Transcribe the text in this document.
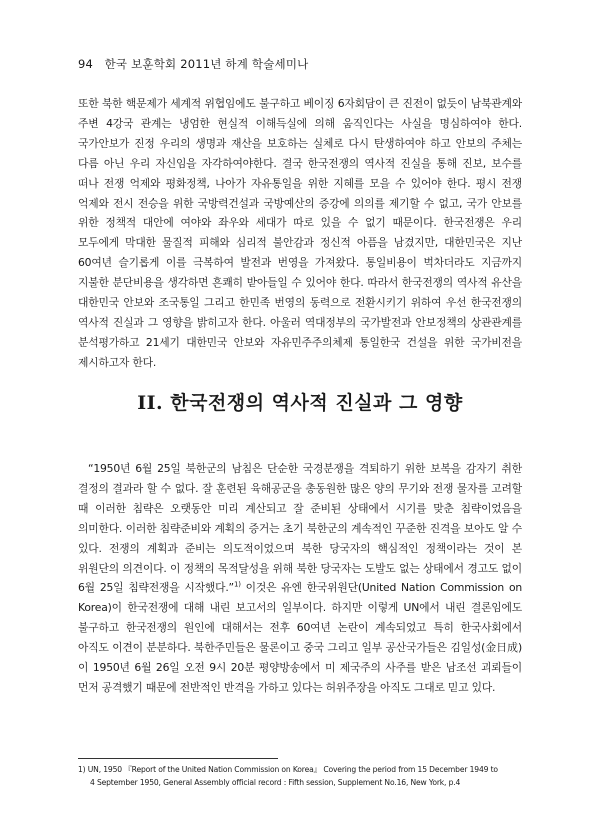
94 한국 보훈학회 2011년 하계 학술세미나
또한 북한 핵문제가 세계적 위협임에도 불구하고 베이징 6자회담이 큰 진전이 없듯이 남북관계와 주변 4강국 관계는 냉엄한 현실적 이해득실에 의해 움직인다는 사실을 명심하여야 한다. 국가안보가 진정 우리의 생명과 재산을 보호하는 실체로 다시 탄생하여야 하고 안보의 주체는 다름 아닌 우리 자신임을 자각하여야한다. 결국 한국전쟁의 역사적 진실을 통해 진보, 보수를 떠나 전쟁 억제와 평화정책, 나아가 자유통일을 위한 지혜를 모을 수 있어야 한다. 평시 전쟁 억제와 전시 전승을 위한 국방력건설과 국방예산의 증강에 의의를 제기할 수 없고, 국가 안보를 위한 정책적 대안에 여야와 좌우와 세대가 따로 있을 수 없기 때문이다. 한국전쟁은 우리 모두에게 막대한 물질적 피해와 심리적 불안감과 정신적 아픔을 남겼지만, 대한민국은 지난 60여년 슬기롭게 이를 극복하여 발전과 번영을 가져왔다. 통일비용이 벅차더라도 지금까지 지불한 분단비용을 생각하면 흔쾌히 받아들일 수 있어야 한다. 따라서 한국전쟁의 역사적 유산을 대한민국 안보와 조국통일 그리고 한민족 번영의 동력으로 전환시키기 위하여 우선 한국전쟁의 역사적 진실과 그 영향을 밝히고자 한다. 아울러 역대정부의 국가발전과 안보정책의 상관관계를 분석평가하고 21세기 대한민국 안보와 자유민주주의체제 통일한국 건설을 위한 국가비전을 제시하고자 한다.
II. 한국전쟁의 역사적 진실과 그 영향
“1950년 6월 25일 북한군의 남침은 단순한 국경분쟁을 격퇴하기 위한 보복을 감자기 취한 결정의 결과라 할 수 없다. 잘 훈련된 육해공군을 총동원한 많은 양의 무기와 전쟁 물자를 고려할 때 이러한 침략은 오랫동안 미리 계산되고 잘 준비된 상태에서 시기를 맞춘 침략이었음을 의미한다. 이러한 침략준비와 계획의 증거는 초기 북한군의 계속적인 꾸준한 진격을 보아도 알 수 있다. 전쟁의 계획과 준비는 의도적이었으며 북한 당국자의 핵심적인 정책이라는 것이 본 위원단의 의견이다. 이 정책의 목적달성을 위해 북한 당국자는 도발도 없는 상태에서 경고도 없이 6월 25일 침략전쟁을 시작했다.”$^{1)}$ 이것은 유엔 한국위원단(United Nation Commission on Korea)이 한국전쟁에 대해 내린 보고서의 일부이다. 하지만 이렇게 UN에서 내린 결론임에도 불구하고 한국전쟁의 원인에 대해서는 전후 60여년 논란이 계속되었고 특히 한국사회에서 아직도 이견이 분분하다. 북한주민들은 물론이고 중국 그리고 일부 공산국가들은 김일성(金日成)이 1950년 6월 26일 오전 9시 20분 평양방송에서 미 제국주의 사주를 받은 남조선 괴뢰들이 먼저 공격했기 때문에 전반적인 반격을 가하고 있다는 허위주장을 아직도 그대로 믿고 있다.
1) UN, 1950 『Report of the United Nation Commission on Korea』 Covering the period from 15 December 1949 to
4 September 1950, General Assembly official record : Fifth session, Supplement No.16, New York, p.4
